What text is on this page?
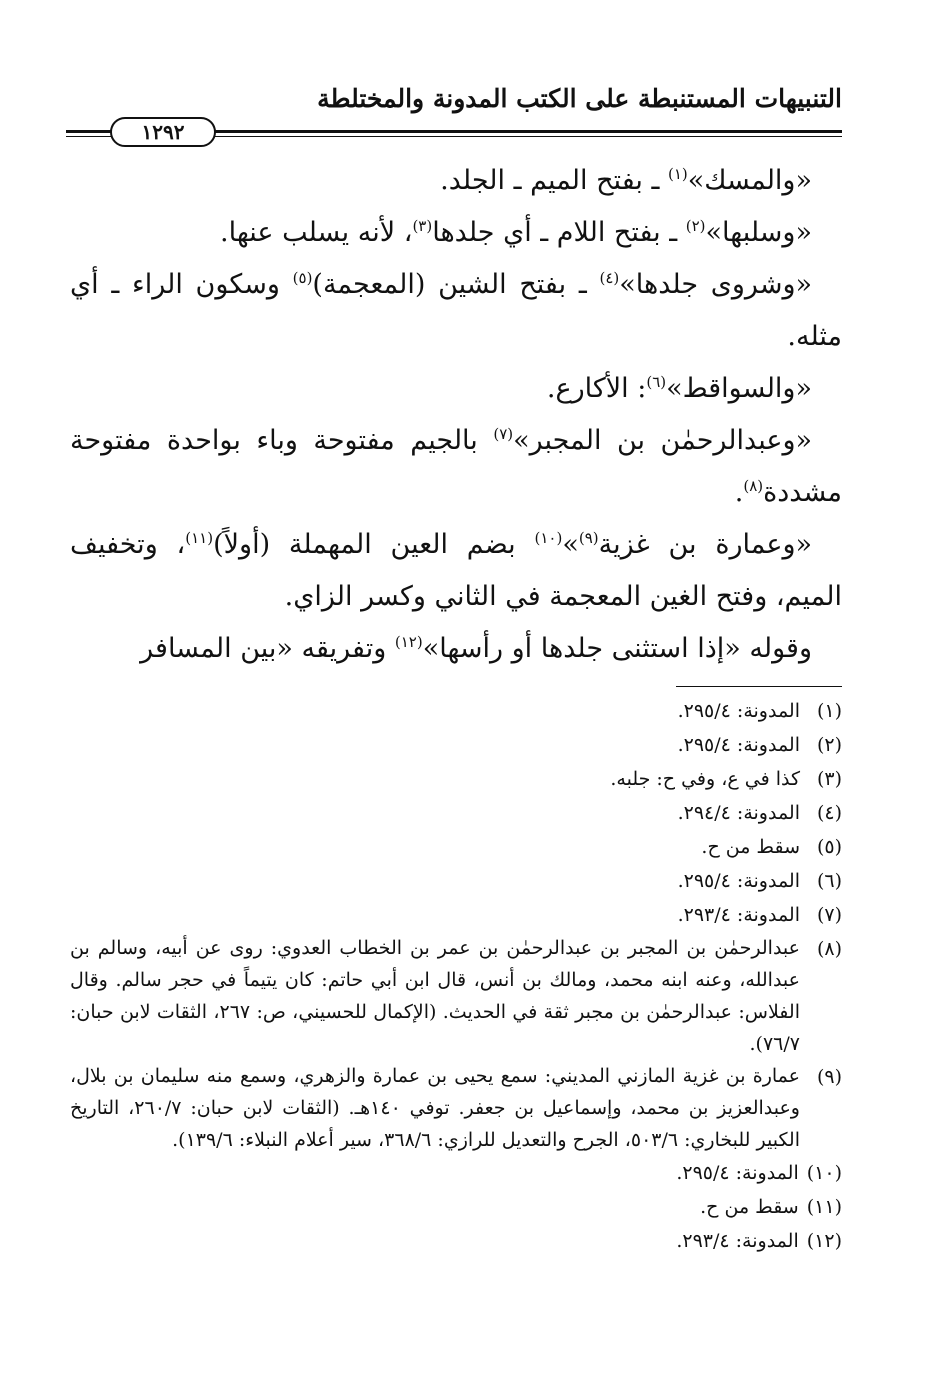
التنبيهات المستنبطة على الكتب المدونة والمختلطة
١٢٩٢

«والمسك»$^{(١)}$ ـ بفتح الميم ـ الجلد.

«وسلبها»$^{(٢)}$ ـ بفتح اللام ـ أي جلدها$^{(٣)}$، لأنه يسلب عنها.

«وشروى جلدها»$^{(٤)}$ ـ بفتح الشين (المعجمة)$^{(٥)}$ وسكون الراء ـ أي مثله.

«والسواقط»$^{(٦)}$: الأكارع.

«وعبدالرحمٰن بن المجبر»$^{(٧)}$ بالجيم مفتوحة وباء بواحدة مفتوحة مشددة$^{(٨)}$.

«وعمارة بن غزية$^{(٩)}$»$^{(١٠)}$ بضم العين المهملة (أولاً)$^{(١١)}$، وتخفيف الميم، وفتح الغين المعجمة في الثاني وكسر الزاي.

وقوله «إذا استثنى جلدها أو رأسها»$^{(١٢)}$ وتفريقه «بين المسافر

(١)
المدونة: ٢٩٥/٤.
(٢)
المدونة: ٢٩٥/٤.
(٣)
كذا في ع، وفي ح: جلبه.
(٤)
المدونة: ٢٩٤/٤.
(٥)
سقط من ح.
(٦)
المدونة: ٢٩٥/٤.
(٧)
المدونة: ٢٩٣/٤.
(٨)
عبدالرحمٰن بن المجبر بن عبدالرحمٰن بن عمر بن الخطاب العدوي: روى عن أبيه، وسالم بن عبدالله، وعنه ابنه محمد، ومالك بن أنس، قال ابن أبي حاتم: كان يتيماً في حجر سالم. وقال الفلاس: عبدالرحمٰن بن مجبر ثقة في الحديث. (الإكمال للحسيني، ص: ٢٦٧، الثقات لابن حبان: ٧٦/٧).
(٩)
عمارة بن غزية المازني المديني: سمع يحيى بن عمارة والزهري، وسمع منه سليمان بن بلال، وعبدالعزيز بن محمد، وإسماعيل بن جعفر. توفي ١٤٠هـ. (الثقات لابن حبان: ٢٦٠/٧، التاريخ الكبير للبخاري: ٥٠٣/٦، الجرح والتعديل للرازي: ٣٦٨/٦، سير أعلام النبلاء: ١٣٩/٦).
(١٠)
المدونة: ٢٩٥/٤.
(١١)
سقط من ح.
(١٢)
المدونة: ٢٩٣/٤.
